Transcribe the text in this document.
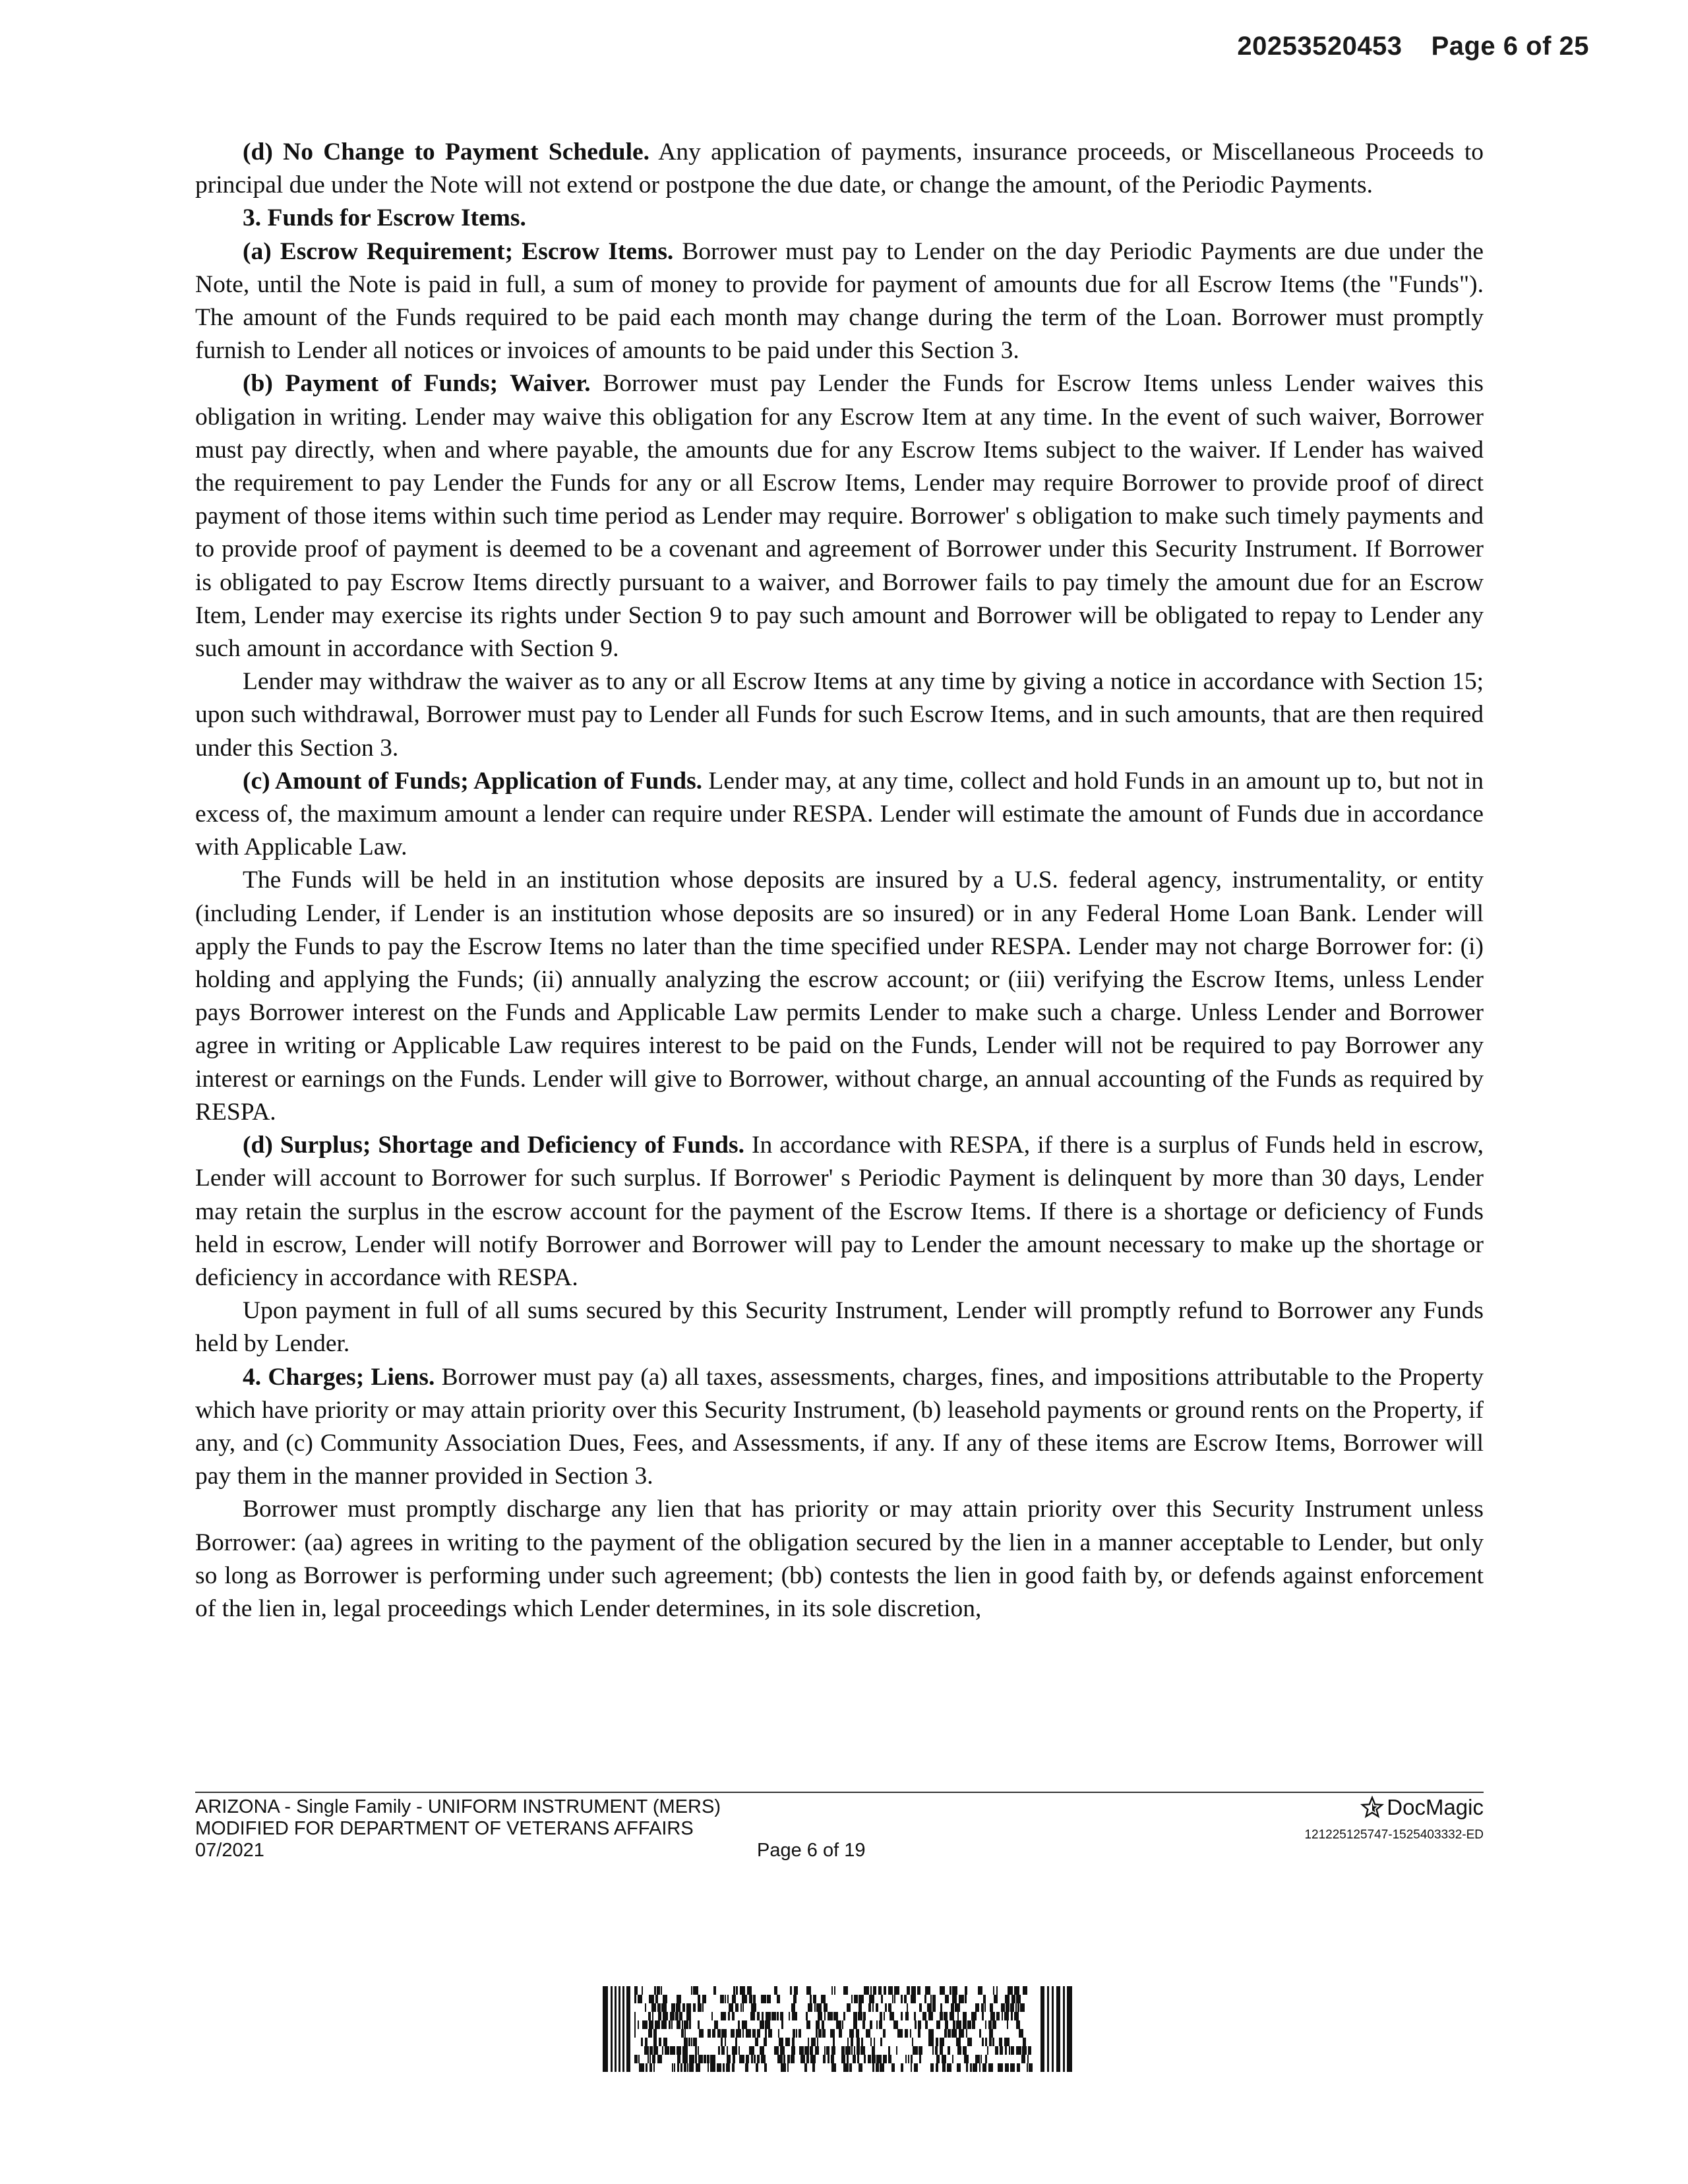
20253520453 Page 6 of 25

(d) No Change to Payment Schedule. Any application of payments, insurance proceeds, or Miscellaneous Proceeds to principal due under the Note will not extend or postpone the due date, or change the amount, of the Periodic Payments.

3. Funds for Escrow Items.

(a) Escrow Requirement; Escrow Items. Borrower must pay to Lender on the day Periodic Payments are due under the Note, until the Note is paid in full, a sum of money to provide for payment of amounts due for all Escrow Items (the "Funds"). The amount of the Funds required to be paid each month may change during the term of the Loan. Borrower must promptly furnish to Lender all notices or invoices of amounts to be paid under this Section 3.

(b) Payment of Funds; Waiver. Borrower must pay Lender the Funds for Escrow Items unless Lender waives this obligation in writing. Lender may waive this obligation for any Escrow Item at any time. In the event of such waiver, Borrower must pay directly, when and where payable, the amounts due for any Escrow Items subject to the waiver. If Lender has waived the requirement to pay Lender the Funds for any or all Escrow Items, Lender may require Borrower to provide proof of direct payment of those items within such time period as Lender may require. Borrower' s obligation to make such timely payments and to provide proof of payment is deemed to be a covenant and agreement of Borrower under this Security Instrument. If Borrower is obligated to pay Escrow Items directly pursuant to a waiver, and Borrower fails to pay timely the amount due for an Escrow Item, Lender may exercise its rights under Section 9 to pay such amount and Borrower will be obligated to repay to Lender any such amount in accordance with Section 9.

Lender may withdraw the waiver as to any or all Escrow Items at any time by giving a notice in accordance with Section 15; upon such withdrawal, Borrower must pay to Lender all Funds for such Escrow Items, and in such amounts, that are then required under this Section 3.

(c) Amount of Funds; Application of Funds. Lender may, at any time, collect and hold Funds in an amount up to, but not in excess of, the maximum amount a lender can require under RESPA. Lender will estimate the amount of Funds due in accordance with Applicable Law.

The Funds will be held in an institution whose deposits are insured by a U.S. federal agency, instrumentality, or entity (including Lender, if Lender is an institution whose deposits are so insured) or in any Federal Home Loan Bank. Lender will apply the Funds to pay the Escrow Items no later than the time specified under RESPA. Lender may not charge Borrower for: (i) holding and applying the Funds; (ii) annually analyzing the escrow account; or (iii) verifying the Escrow Items, unless Lender pays Borrower interest on the Funds and Applicable Law permits Lender to make such a charge. Unless Lender and Borrower agree in writing or Applicable Law requires interest to be paid on the Funds, Lender will not be required to pay Borrower any interest or earnings on the Funds. Lender will give to Borrower, without charge, an annual accounting of the Funds as required by RESPA.

(d) Surplus; Shortage and Deficiency of Funds. In accordance with RESPA, if there is a surplus of Funds held in escrow, Lender will account to Borrower for such surplus. If Borrower' s Periodic Payment is delinquent by more than 30 days, Lender may retain the surplus in the escrow account for the payment of the Escrow Items. If there is a shortage or deficiency of Funds held in escrow, Lender will notify Borrower and Borrower will pay to Lender the amount necessary to make up the shortage or deficiency in accordance with RESPA.

Upon payment in full of all sums secured by this Security Instrument, Lender will promptly refund to Borrower any Funds held by Lender.

4. Charges; Liens. Borrower must pay (a) all taxes, assessments, charges, fines, and impositions attributable to the Property which have priority or may attain priority over this Security Instrument, (b) leasehold payments or ground rents on the Property, if any, and (c) Community Association Dues, Fees, and Assessments, if any. If any of these items are Escrow Items, Borrower will pay them in the manner provided in Section 3.

Borrower must promptly discharge any lien that has priority or may attain priority over this Security Instrument unless Borrower: (aa) agrees in writing to the payment of the obligation secured by the lien in a manner acceptable to Lender, but only so long as Borrower is performing under such agreement; (bb) contests the lien in good faith by, or defends against enforcement of the lien in, legal proceedings which Lender determines, in its sole discretion,

ARIZONA - Single Family - UNIFORM INSTRUMENT (MERS)
MODIFIED FOR DEPARTMENT OF VETERANS AFFAIRS
07/2021	Page 6 of 19
DocMagic
121225125747-1525403332-ED
